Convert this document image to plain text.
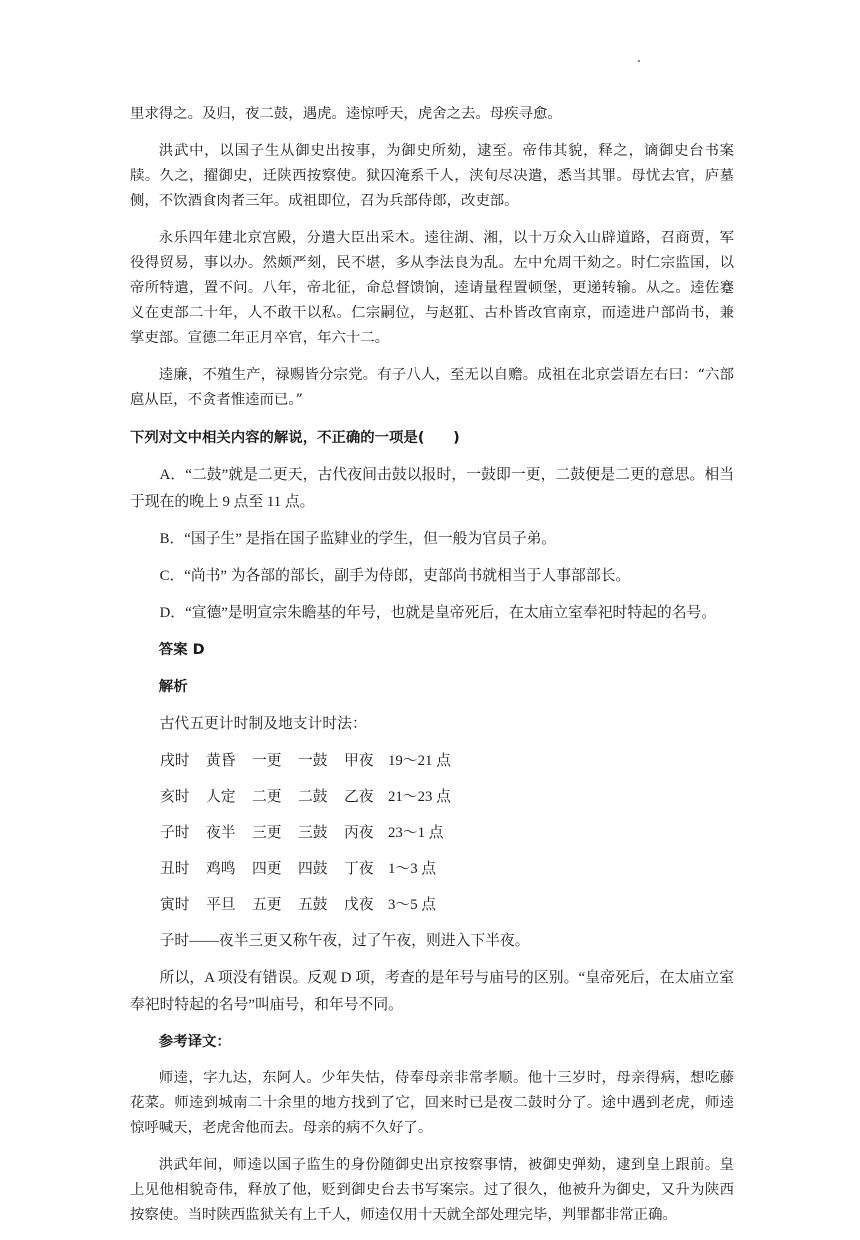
里求得之。及归，夜二鼓，遇虎。逵惊呼天，虎舍之去。母疾寻愈。

洪武中，以国子生从御史出按事，为御史所劾，逮至。帝伟其貌，释之，谪御史台书案牍。久之，擢御史，迁陕西按察使。狱囚淹系千人，浃旬尽决遣，悉当其罪。母忧去官，庐墓侧，不饮酒食肉者三年。成祖即位，召为兵部侍郎，改吏部。

永乐四年建北京宫殿，分遣大臣出采木。逵往湖、湘，以十万众入山辟道路，召商贾，军役得贸易，事以办。然颇严刻，民不堪，多从李法良为乱。左中允周干劾之。时仁宗监国，以帝所特遣，置不问。八年，帝北征，命总督馈饷，逵请量程置顿堡，更递转输。从之。逵佐蹇义在吏部二十年，人不敢干以私。仁宗嗣位，与赵羾、古朴皆改官南京，而逵进户部尚书，兼掌吏部。宣德二年正月卒官，年六十二。

逵廉，不殖生产，禄赐皆分宗党。有子八人，至无以自赡。成祖在北京尝语左右曰：“六部扈从臣，不贪者惟逵而已。”

下列对文中相关内容的解说，不正确的一项是(　　)

A．“二鼓”就是二更天，古代夜间击鼓以报时，一鼓即一更，二鼓便是二更的意思。相当于现在的晚上 9 点至 11 点。

B．“国子生” 是指在国子监肄业的学生，但一般为官员子弟。

C．“尚书” 为各部的部长，副手为侍郎，吏部尚书就相当于人事部部长。

D．“宣德”是明宣宗朱瞻基的年号，也就是皇帝死后，在太庙立室奉祀时特起的名号。

答案 D

解析

古代五更计时制及地支计时法：

戌时	黄昏	一更	一鼓	甲夜 19～21 点
亥时	人定	二更	二鼓	乙夜 21～23 点
子时	夜半	三更	三鼓	丙夜 23～1 点
丑时	鸡鸣	四更	四鼓	丁夜 1～3 点
寅时	平旦	五更	五鼓	戊夜 3～5 点

子时——夜半三更又称午夜，过了午夜，则进入下半夜。

所以，A 项没有错误。反观 D 项，考查的是年号与庙号的区别。“皇帝死后，在太庙立室奉祀时特起的名号”叫庙号，和年号不同。

参考译文：

师逵，字九达，东阿人。少年失怙，侍奉母亲非常孝顺。他十三岁时，母亲得病，想吃藤花菜。师逵到城南二十余里的地方找到了它，回来时已是夜二鼓时分了。途中遇到老虎，师逵惊呼喊天，老虎舍他而去。母亲的病不久好了。

洪武年间，师逵以国子监生的身份随御史出京按察事情，被御史弹劾，逮到皇上跟前。皇上见他相貌奇伟，释放了他，贬到御史台去书写案宗。过了很久，他被升为御史，又升为陕西按察使。当时陕西监狱关有上千人，师逵仅用十天就全部处理完毕，判罪都非常正确。
